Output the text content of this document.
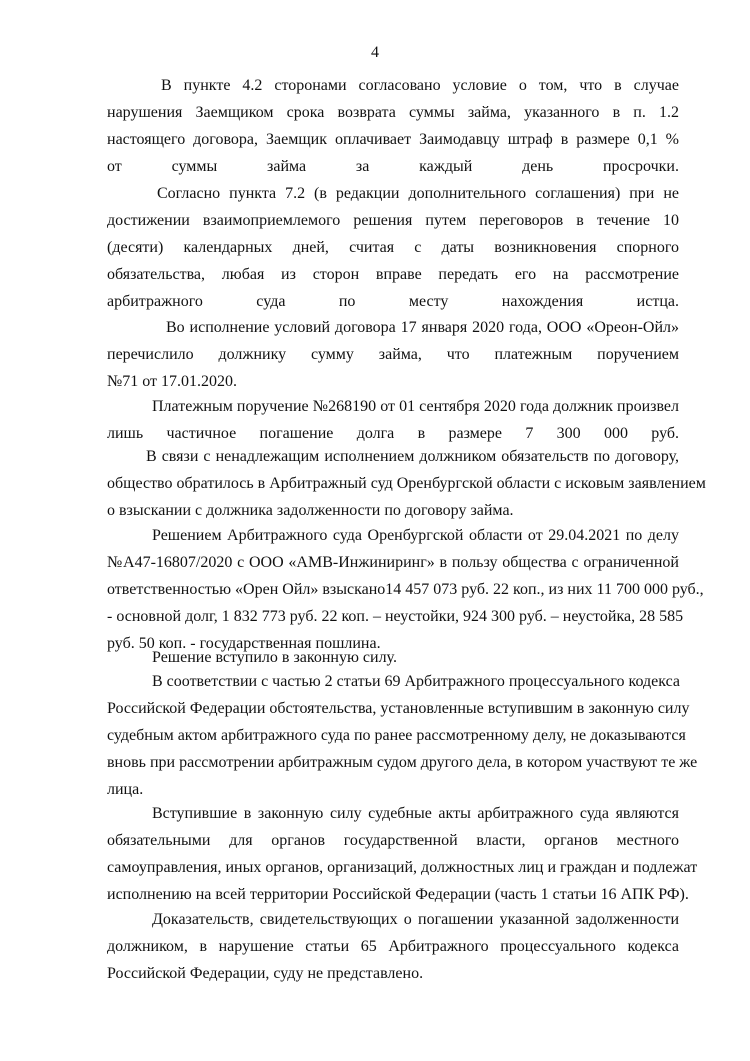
4
В пункте 4.2 сторонами согласовано условие о том, что в случае
нарушения Заемщиком срока возврата суммы займа, указанного в п. 1.2
настоящего договора, Заемщик оплачивает Заимодавцу штраф в размере 0,1 %
от суммы займа за каждый день просрочки.
Согласно пункта 7.2 (в редакции дополнительного соглашения) при не
достижении взаимоприемлемого решения путем переговоров в течение 10
(десяти) календарных дней, считая с даты возникновения спорного
обязательства, любая из сторон вправе передать его на рассмотрение
арбитражного суда по месту нахождения истца.
Во исполнение условий договора 17 января 2020 года, ООО «Ореон-Ойл»
перечислило должнику сумму займа, что платежным поручением
№71 от 17.01.2020.
Платежным поручение №268190 от 01 сентября 2020 года должник произвел
лишь частичное погашение долга в размере 7 300 000 руб.
В связи с ненадлежащим исполнением должником обязательств по договору,
общество обратилось в Арбитражный суд Оренбургской области с исковым заявлением
о взыскании с должника задолженности по договору займа.
Решением Арбитражного суда Оренбургской области от 29.04.2021 по делу
№А47-16807/2020 с ООО «АМВ-Инжиниринг» в пользу общества с ограниченной
ответственностью «Орен Ойл» взыскано14 457 073 руб. 22 коп., из них 11 700 000 руб.,
- основной долг, 1 832 773 руб. 22 коп. – неустойки, 924 300 руб. – неустойка, 28 585
руб. 50 коп. - государственная пошлина.
Решение вступило в законную силу.
В соответствии с частью 2 статьи 69 Арбитражного процессуального кодекса
Российской Федерации обстоятельства, установленные вступившим в законную силу
судебным актом арбитражного суда по ранее рассмотренному делу, не доказываются
вновь при рассмотрении арбитражным судом другого дела, в котором участвуют те же
лица.
Вступившие в законную силу судебные акты арбитражного суда являются
обязательными для органов государственной власти, органов местного
самоуправления, иных органов, организаций, должностных лиц и граждан и подлежат
исполнению на всей территории Российской Федерации (часть 1 статьи 16 АПК РФ).
Доказательств, свидетельствующих о погашении указанной задолженности
должником, в нарушение статьи 65 Арбитражного процессуального кодекса
Российской Федерации, суду не представлено.
